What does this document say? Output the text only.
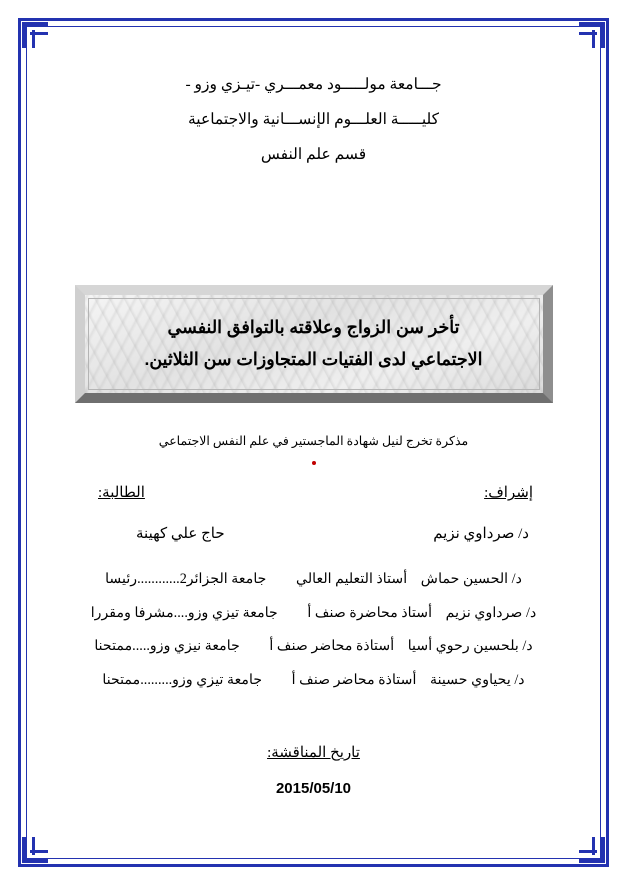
جـــامعة مولـــــود معمـــري -تيـزي وزو -
كليـــــة العلـــوم الإنســـانية والاجتماعية
قسم علم النفس
تأخر سن الزواج وعلاقته بالتوافق النفسي
الاجتماعي لدى الفتيات المتجاوزات سن الثلاثين.
مذكرة تخرج لنيل شهادة الماجستير في علم النفس الاجتماعي
إشراف:
الطالبة:
د/ صرداوي نزيم
حاج علي كهينة
د/ الحسين حماش أستاذ التعليم العالي جامعة الجزائر2............رئيسا
د/ صرداوي نزيم أستاذ محاضرة صنف أ جامعة تيزي وزو....مشرفا ومقررا
د/ بلحسين رحوي أسيا أستاذة محاضر صنف أ جامعة نيزي وزو.....ممتحنا
د/ يحياوي حسينة أستاذة محاضر صنف أ جامعة تيزي وزو.........ممتحنا
تاريخ المناقشة:
2015/05/10
